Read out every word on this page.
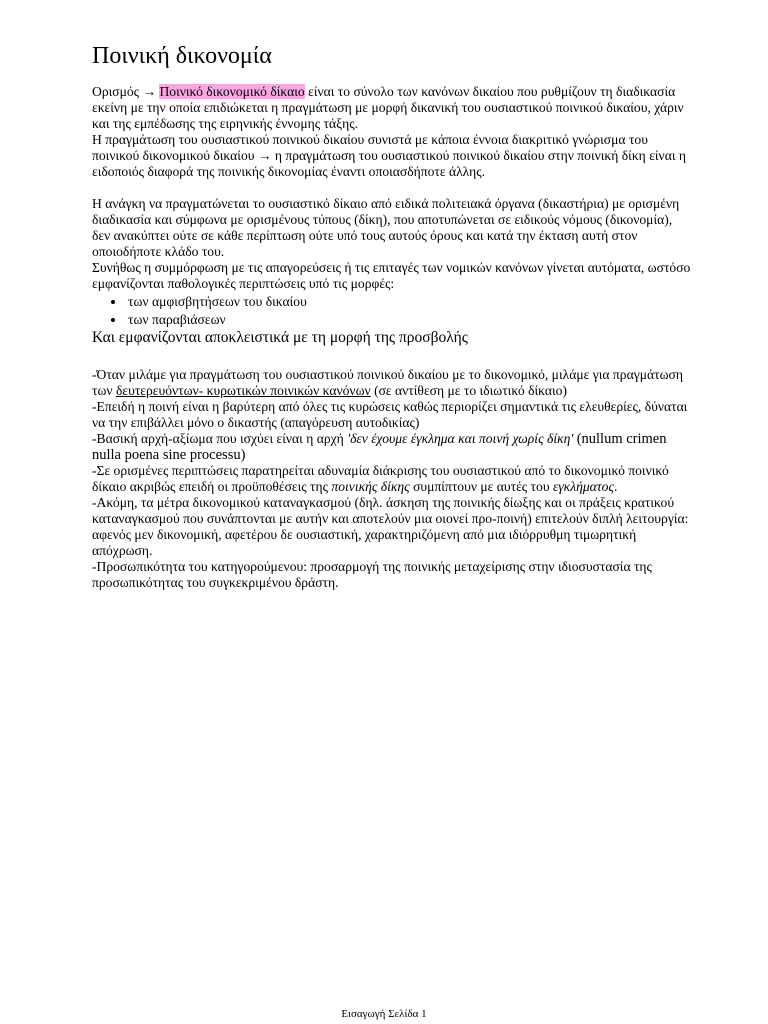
Ποινική δικονομία

Ορισμός → Ποινικό δικονομικό δίκαιο είναι το σύνολο των κανόνων δικαίου που ρυθμίζουν τη διαδικασία εκείνη με την οποία επιδιώκεται η πραγμάτωση με μορφή δικανική του ουσιαστικού ποινικού δικαίου, χάριν και της εμπέδωσης της ειρηνικής έννομης τάξης.

Η πραγμάτωση του ουσιαστικού ποινικού δικαίου συνιστά με κάποια έννοια διακριτικό γνώρισμα του ποινικού δικονομικού δικαίου → η πραγμάτωση του ουσιαστικού ποινικού δικαίου στην ποινική δίκη είναι η ειδοποιός διαφορά της ποινικής δικονομίας έναντι οποιασδήποτε άλλης.

Η ανάγκη να πραγματώνεται το ουσιαστικό δίκαιο από ειδικά πολιτειακά όργανα (δικαστήρια) με ορισμένη διαδικασία και σύμφωνα με ορισμένους τύπους (δίκη), που αποτυπώνεται σε ειδικούς νόμους (δικονομία), δεν ανακύπτει ούτε σε κάθε περίπτωση ούτε υπό τους αυτούς όρους και κατά την έκταση αυτή στον οποιοδήποτε κλάδο του.

Συνήθως η συμμόρφωση με τις απαγορεύσεις ή τις επιταγές των νομικών κανόνων γίνεται αυτόματα, ωστόσο εμφανίζονται παθολογικές περιπτώσεις υπό τις μορφές:

• των αμφισβητήσεων του δικαίου
• των παραβιάσεων

Και εμφανίζονται αποκλειστικά με τη μορφή της προσβολής

-Όταν μιλάμε για πραγμάτωση του ουσιαστικού ποινικού δικαίου με το δικονομικό, μιλάμε για πραγμάτωση των δευτερευόντων- κυρωτικών ποινικών κανόνων (σε αντίθεση με το ιδιωτικό δίκαιο)

-Επειδή η ποινή είναι η βαρύτερη από όλες τις κυρώσεις καθώς περιορίζει σημαντικά τις ελευθερίες, δύναται να την επιβάλλει μόνο ο δικαστής (απαγόρευση αυτοδικίας)

-Βασική αρχή-αξίωμα που ισχύει είναι η αρχή 'δεν έχουμε έγκλημα και ποινή χωρίς δίκη' (nullum crimen nulla poena sine processu)

-Σε ορισμένες περιπτώσεις παρατηρείται αδυναμία διάκρισης του ουσιαστικού από το δικονομικό ποινικό δίκαιο ακριβώς επειδή οι προϋποθέσεις της ποινικής δίκης συμπίπτουν με αυτές του εγκλήματος.

-Ακόμη, τα μέτρα δικονομικού καταναγκασμού (δηλ. άσκηση της ποινικής δίωξης και οι πράξεις κρατικού καταναγκασμού που συνάπτονται με αυτήν και αποτελούν μια οιονεί προ-ποινή) επιτελούν διπλή λειτουργία: αφενός μεν δικονομική, αφετέρου δε ουσιαστική, χαρακτηριζόμενη από μια ιδιόρρυθμη τιμωρητική απόχρωση.

-Προσωπικότητα του κατηγορούμενου: προσαρμογή της ποινικής μεταχείρισης στην ιδιοσυστασία της προσωπικότητας του συγκεκριμένου δράστη.

Εισαγωγή Σελίδα 1
